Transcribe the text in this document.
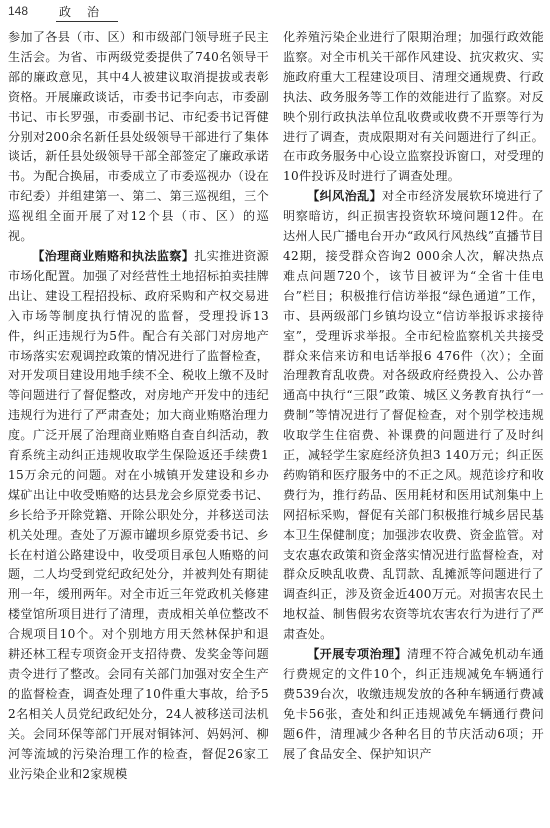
148	政治

参加了各县（市、区）和市级部门领导班子民主生活会。为省、市两级党委提供了740名领导干部的廉政意见，其中4人被建议取消提拔或表彰资格。开展廉政谈话，市委书记李向志，市委副书记、市长罗强，市委副书记、市纪委书记胥健分别对200余名新任县处级领导干部进行了集体谈话，新任县处级领导干部全部签定了廉政承诺书。为配合换届，市委成立了市委巡视办（设在市纪委）并组建第一、第二、第三巡视组，三个巡视组全面开展了对12个县（市、区）的巡视。

【治理商业贿赂和执法监察】扎实推进资源市场化配置。加强了对经营性土地招标拍卖挂牌出让、建设工程招投标、政府采购和产权交易进入市场等制度执行情况的监督，受理投诉13件，纠正违规行为5件。配合有关部门对房地产市场落实宏观调控政策的情况进行了监督检查，对开发项目建设用地手续不全、税收上缴不及时等问题进行了督促整改，对房地产开发中的违纪违规行为进行了严肃查处；加大商业贿赂治理力度。广泛开展了治理商业贿赂自查自纠活动，教育系统主动纠正违规收取学生保险返还手续费115万余元的问题。对在小城镇开发建设和乡办煤矿出让中收受贿赂的达县龙会乡原党委书记、乡长给予开除党籍、开除公职处分，并移送司法机关处理。查处了万源市罐坝乡原党委书记、乡长在村道公路建设中，收受项目承包人贿赂的问题，二人均受到党纪政纪处分，并被判处有期徒刑一年，缓刑两年。对全市近三年党政机关修建楼堂馆所项目进行了清理，责成相关单位整改不合规项目10个。对个别地方用天然林保护和退耕还林工程专项资金开支招待费、发奖金等问题责令进行了整改。会同有关部门加强对安全生产的监督检查，调查处理了10件重大事故，给予52名相关人员党纪政纪处分，24人被移送司法机关。会同环保等部门开展对铜钵河、妈妈河、柳河等流域的污染治理工作的检查，督促26家工业污染企业和2家规模

化养殖污染企业进行了限期治理；加强行政效能监察。对全市机关干部作风建设、抗灾救灾、实施政府重大工程建设项目、清理交通规费、行政执法、政务服务等工作的效能进行了监察。对反映个别行政执法单位乱收费或收费不开票等行为进行了调查，责成限期对有关问题进行了纠正。在市政务服务中心设立监察投诉窗口，对受理的10件投诉及时进行了调查处理。

【纠风治乱】对全市经济发展软环境进行了明察暗访，纠正损害投资软环境问题12件。在达州人民广播电台开办“政风行风热线”直播节目42期，接受群众咨询2 000余人次，解决热点难点问题720个，该节目被评为“全省十佳电台”栏目；积极推行信访举报“绿色通道”工作，市、县两级部门乡镇均设立“信访举报诉求接待室”，受理诉求举报。全市纪检监察机关共接受群众来信来访和电话举报6 476件（次）；全面治理教育乱收费。对各级政府经费投入、公办普通高中执行“三限”政策、城区义务教育执行“一费制”等情况进行了督促检查，对个别学校违规收取学生住宿费、补课费的问题进行了及时纠正，减轻学生家庭经济负担3 140万元；纠正医药购销和医疗服务中的不正之风。规范诊疗和收费行为，推行药品、医用耗材和医用试剂集中上网招标采购，督促有关部门积极推行城乡居民基本卫生保健制度；加强涉农收费、资金监管。对支农惠农政策和资金落实情况进行监督检查，对群众反映乱收费、乱罚款、乱摊派等问题进行了调查纠正，涉及资金近400万元。对损害农民土地权益、制售假劣农资等坑农害农行为进行了严肃查处。

【开展专项治理】清理不符合减免机动车通行费规定的文件10个，纠正违规减免车辆通行费539台次，收缴违规发放的各种车辆通行费减免卡56张，查处和纠正违规减免车辆通行费问题6件，清理减少各种名目的节庆活动6项；开展了食品安全、保护知识产
